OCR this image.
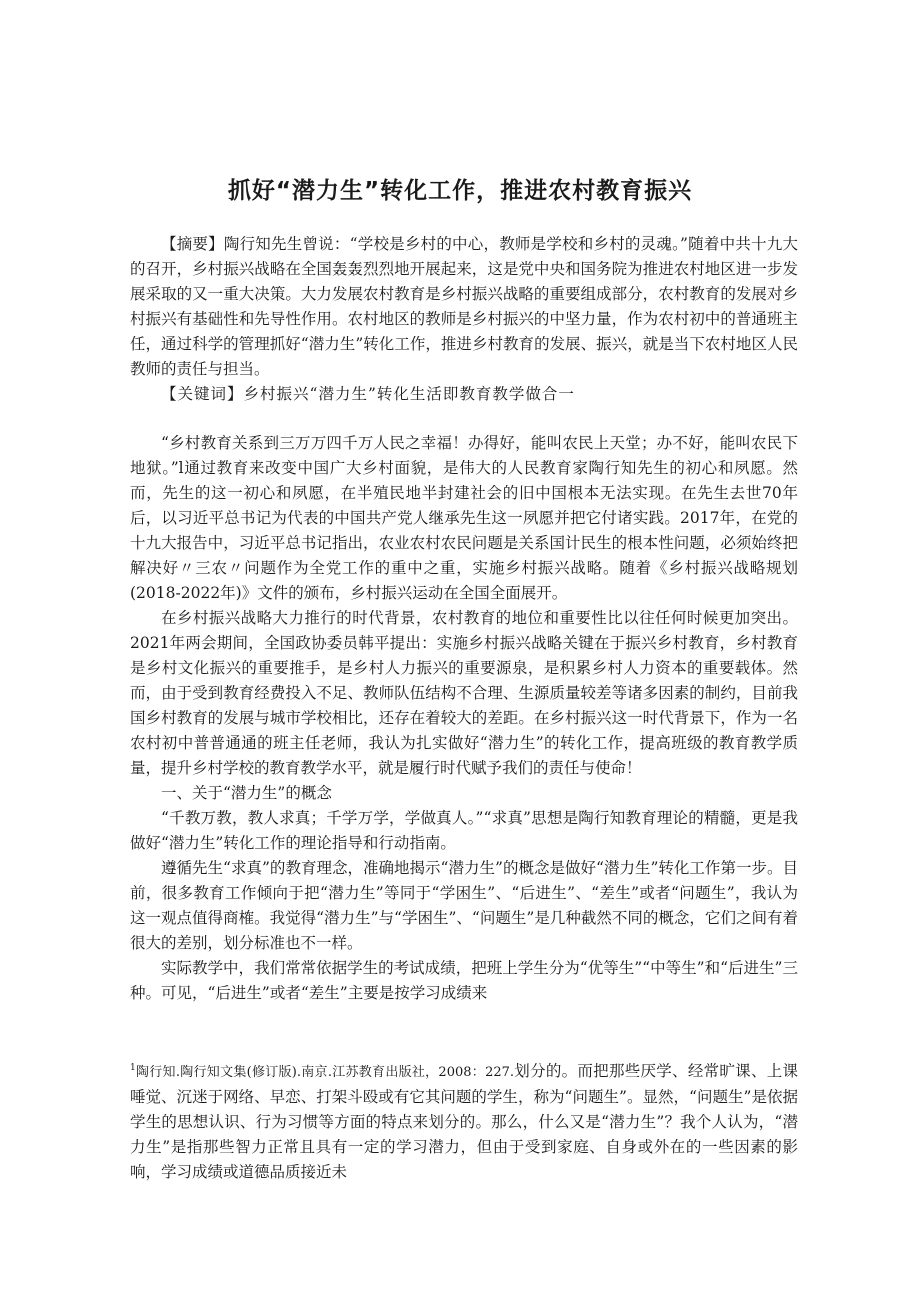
抓好“潜力生”转化工作，推进农村教育振兴

【摘要】陶行知先生曾说：“学校是乡村的中心，教师是学校和乡村的灵魂。”随着中共十九大的召开，乡村振兴战略在全国轰轰烈烈地开展起来，这是党中央和国务院为推进农村地区进一步发展采取的又一重大决策。大力发展农村教育是乡村振兴战略的重要组成部分，农村教育的发展对乡村振兴有基础性和先导性作用。农村地区的教师是乡村振兴的中坚力量，作为农村初中的普通班主任，通过科学的管理抓好“潜力生”转化工作，推进乡村教育的发展、振兴，就是当下农村地区人民教师的责任与担当。

【关键词】乡村振兴“潜力生”转化生活即教育教学做合一

“乡村教育关系到三万万四千万人民之幸福！办得好，能叫农民上天堂；办不好，能叫农民下地狱。”l通过教育来改变中国广大乡村面貌，是伟大的人民教育家陶行知先生的初心和夙愿。然而，先生的这一初心和夙愿，在半殖民地半封建社会的旧中国根本无法实现。在先生去世70年后，以习近平总书记为代表的中国共产党人继承先生这一夙愿并把它付诸实践。2017年，在党的十九大报告中，习近平总书记指出，农业农村农民问题是关系国计民生的根本性问题，必须始终把解决好〃三农〃问题作为全党工作的重中之重，实施乡村振兴战略。随着《乡村振兴战略规划(2018-2022年)》文件的颁布，乡村振兴运动在全国全面展开。

在乡村振兴战略大力推行的时代背景，农村教育的地位和重要性比以往任何时候更加突出。2021年两会期间，全国政协委员韩平提出：实施乡村振兴战略关键在于振兴乡村教育，乡村教育是乡村文化振兴的重要推手，是乡村人力振兴的重要源泉，是积累乡村人力资本的重要载体。然而，由于受到教育经费投入不足、教师队伍结构不合理、生源质量较差等诸多因素的制约，目前我国乡村教育的发展与城市学校相比，还存在着较大的差距。在乡村振兴这一时代背景下，作为一名农村初中普普通通的班主任老师，我认为扎实做好“潜力生”的转化工作，提高班级的教育教学质量，提升乡村学校的教育教学水平，就是履行时代赋予我们的责任与使命！

一、关于“潜力生”的概念

“千教万教，教人求真；千学万学，学做真人。”“求真”思想是陶行知教育理论的精髓，更是我做好“潜力生”转化工作的理论指导和行动指南。

遵循先生“求真”的教育理念，准确地揭示“潜力生”的概念是做好“潜力生”转化工作第一步。目前，很多教育工作倾向于把“潜力生”等同于“学困生”、“后进生”、“差生”或者“问题生”，我认为这一观点值得商榷。我觉得“潜力生”与“学困生”、“问题生”是几种截然不同的概念，它们之间有着很大的差别，划分标准也不一样。

实际教学中，我们常常依据学生的考试成绩，把班上学生分为“优等生”“中等生”和“后进生”三种。可见，“后进生”或者“差生”主要是按学习成绩来

$^1$陶行知.陶行知文集(修订版).南京.江苏教育出版社，2008：227.划分的。而把那些厌学、经常旷课、上课唾觉、沉迷于网络、早恋、打架斗殴或有它其问题的学生，称为“问题生”。显然，“问题生”是依据学生的思想认识、行为习惯等方面的特点来划分的。那么，什么又是“潜力生”？我个人认为，“潜力生”是指那些智力正常且具有一定的学习潜力，但由于受到家庭、自身或外在的一些因素的影响，学习成绩或道德品质接近未
